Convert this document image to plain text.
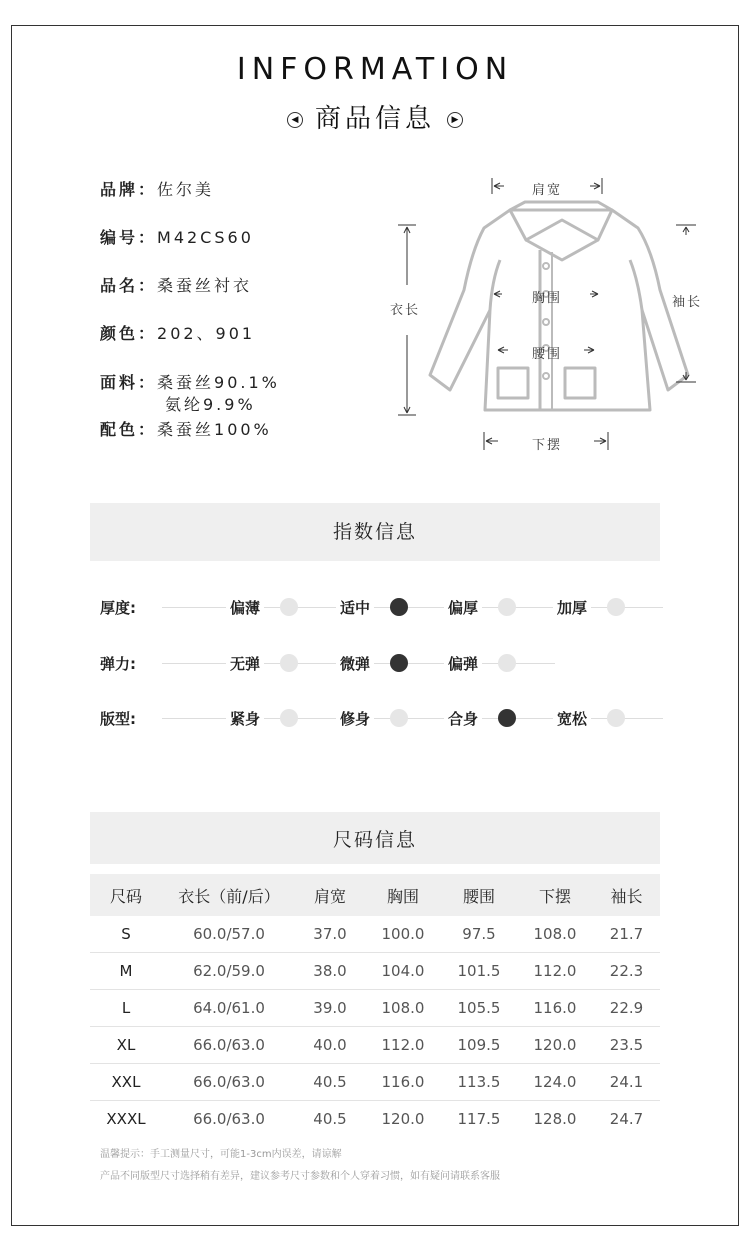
INFORMATION
◀ 商品信息 ▶
品牌：佐尔美
编号：M42CS60
品名：桑蚕丝衬衣
颜色：202、901
面料：桑蚕丝90.1%
氨纶9.9%
配色：桑蚕丝100%
肩宽
衣长
胸围
腰围
下摆
袖长
指数信息
厚度:	偏薄	适中	偏厚	加厚
弹力:	无弹	微弹	偏弹
版型:	紧身	修身	合身	宽松
尺码信息
尺码	衣长（前/后）	肩宽	胸围	腰围	下摆	袖长
S	60.0/57.0	37.0	100.0	97.5	108.0	21.7
M	62.0/59.0	38.0	104.0	101.5	112.0	22.3
L	64.0/61.0	39.0	108.0	105.5	116.0	22.9
XL	66.0/63.0	40.0	112.0	109.5	120.0	23.5
XXL	66.0/63.0	40.5	116.0	113.5	124.0	24.1
XXXL	66.0/63.0	40.5	120.0	117.5	128.0	24.7
温馨提示：手工测量尺寸，可能1-3cm内误差，请谅解
产品不同版型尺寸选择稍有差异，建议参考尺寸参数和个人穿着习惯，如有疑问请联系客服
